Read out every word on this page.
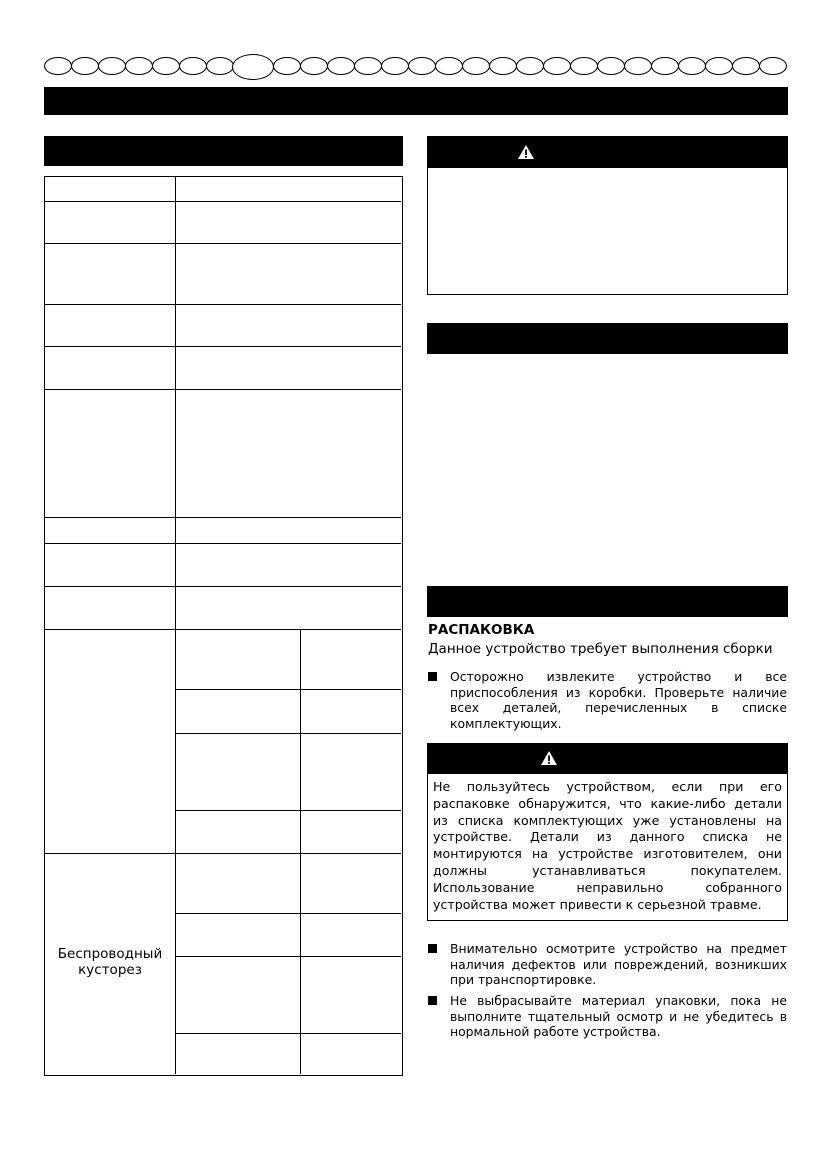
Беспроводный кусторез
РАСПАКОВКА
Данное устройство требует выполнения сборки
Осторожно извлеките устройство и все приспособления из коробки. Проверьте наличие всех деталей, перечисленных в списке комплектующих.
Не пользуйтесь устройством, если при его распаковке обнаружится, что какие-либо детали из списка комплектующих уже установлены на устройстве. Детали из данного списка не монтируются на устройстве изготовителем, они должны устанавливаться покупателем. Использование неправильно собранного устройства может привести к серьезной травме.
Внимательно осмотрите устройство на предмет наличия дефектов или повреждений, возникших при транспортировке.
Не выбрасывайте материал упаковки, пока не выполните тщательный осмотр и не убедитесь в нормальной работе устройства.
